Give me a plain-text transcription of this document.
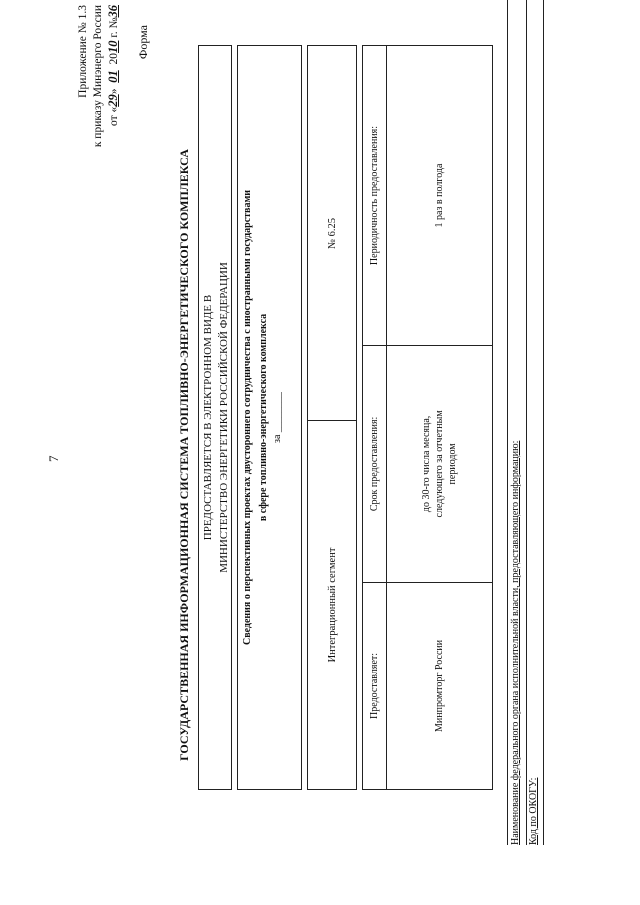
7
Приложение № 1.3 к приказу Минэнерго России от «29»  01  2010 г. №36
Форма
ГОСУДАРСТВЕННАЯ ИНФОРМАЦИОННАЯ СИСТЕМА ТОПЛИВНО-ЭНЕРГЕТИЧЕСКОГО КОМПЛЕКСА ПРЕДОСТАВЛЯЕТСЯ В ЭЛЕКТРОННОМ ВИДЕ В МИНИСТЕРСТВО ЭНЕРГЕТИКИ РОССИЙСКОЙ ФЕДЕРАЦИИ Сведения о перспективных проектах двустороннего сотрудничества с иностранными государствами в сфере топливно-энергетического комплекса за ________
Интеграционный сегмент
№ 6.25
Предоставляет:	Срок предоставления:	Периодичность предоставления:
Минпромторг России	до 30-го числа месяца, следующего за отчетным периодом	1 раз в полгода
Наименование федерального органа исполнительной власти, предоставляющего информацию: Код по ОКОГУ:
